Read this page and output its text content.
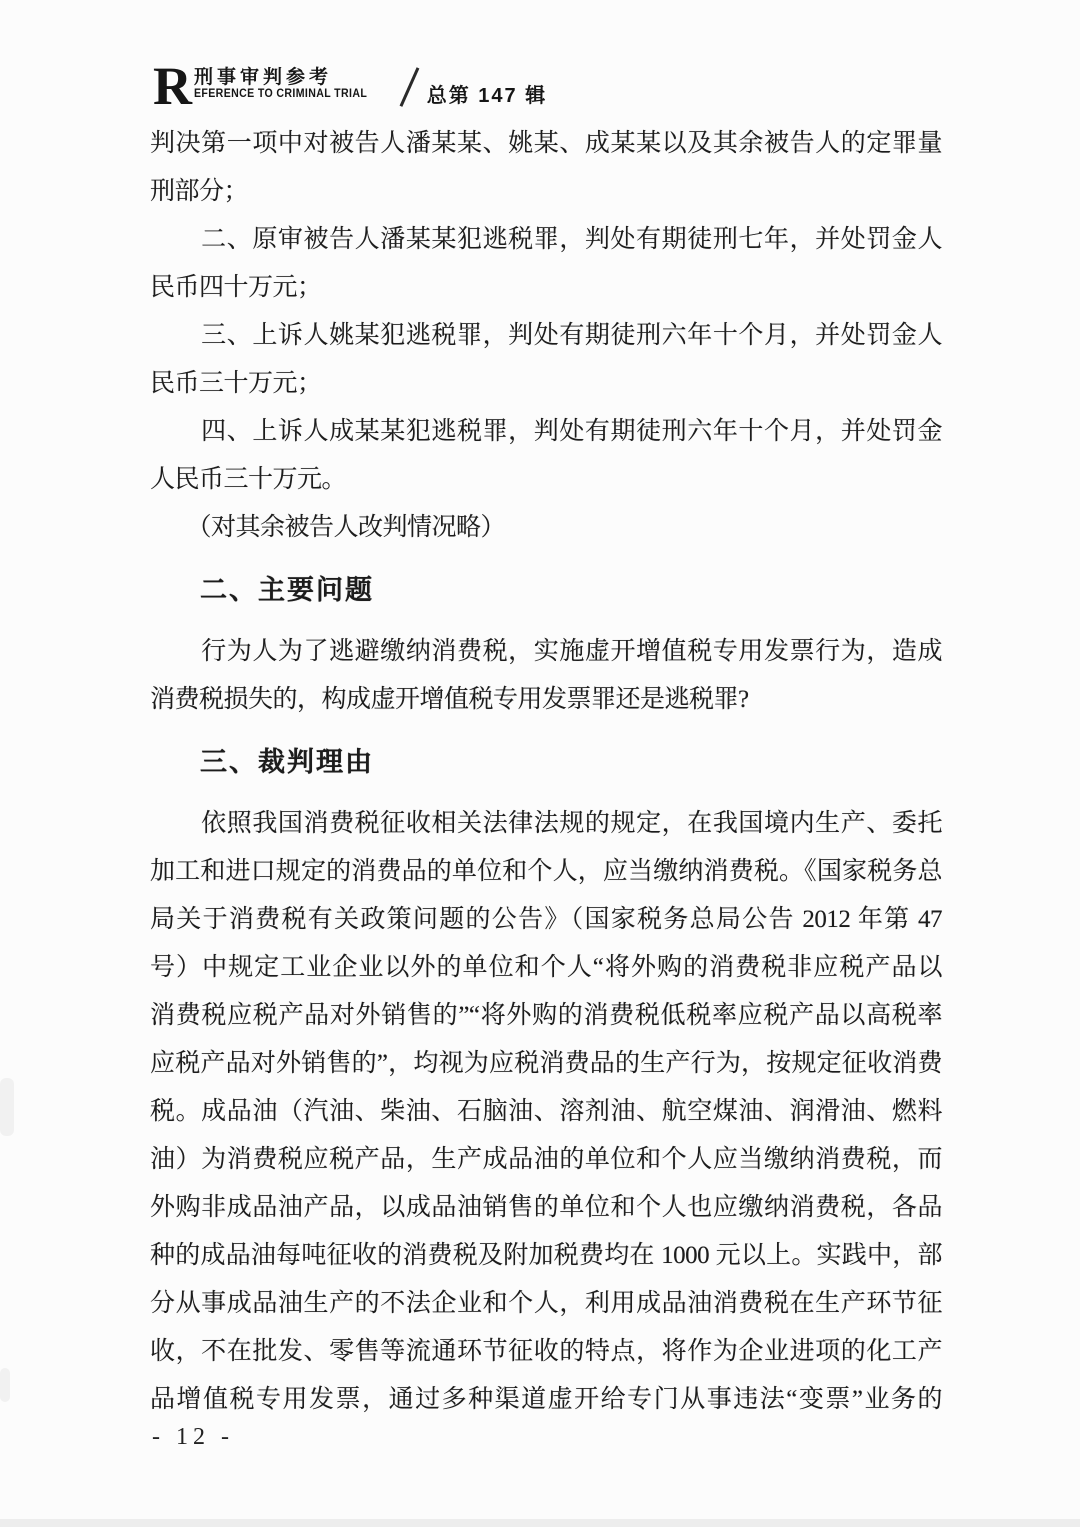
R 刑事审判参考
EFERENCE TO CRIMINAL TRIAL	总第 147 辑
判决第一项中对被告人潘某某、姚某、成某某以及其余被告人的定罪量
刑部分；
　　二、原审被告人潘某某犯逃税罪，判处有期徒刑七年，并处罚金人
民币四十万元；
　　三、上诉人姚某犯逃税罪，判处有期徒刑六年十个月，并处罚金人
民币三十万元；
　　四、上诉人成某某犯逃税罪，判处有期徒刑六年十个月，并处罚金
人民币三十万元。
　　（对其余被告人改判情况略）
二、主要问题
　　行为人为了逃避缴纳消费税，实施虚开增值税专用发票行为，造成
消费税损失的，构成虚开增值税专用发票罪还是逃税罪?
三、裁判理由
　　依照我国消费税征收相关法律法规的规定，在我国境内生产、委托
加工和进口规定的消费品的单位和个人，应当缴纳消费税。《国家税务总
局关于消费税有关政策问题的公告》（国家税务总局公告 2012 年第 47
号）中规定工业企业以外的单位和个人“将外购的消费税非应税产品以
消费税应税产品对外销售的”“将外购的消费税低税率应税产品以高税率
应税产品对外销售的”，均视为应税消费品的生产行为，按规定征收消费
税。成品油（汽油、柴油、石脑油、溶剂油、航空煤油、润滑油、燃料
油）为消费税应税产品，生产成品油的单位和个人应当缴纳消费税，而
外购非成品油产品，以成品油销售的单位和个人也应缴纳消费税，各品
种的成品油每吨征收的消费税及附加税费均在 1000 元以上。实践中，部
分从事成品油生产的不法企业和个人，利用成品油消费税在生产环节征
收，不在批发、零售等流通环节征收的特点，将作为企业进项的化工产
品增值税专用发票，通过多种渠道虚开给专门从事违法“变票”业务的
- 12 -
